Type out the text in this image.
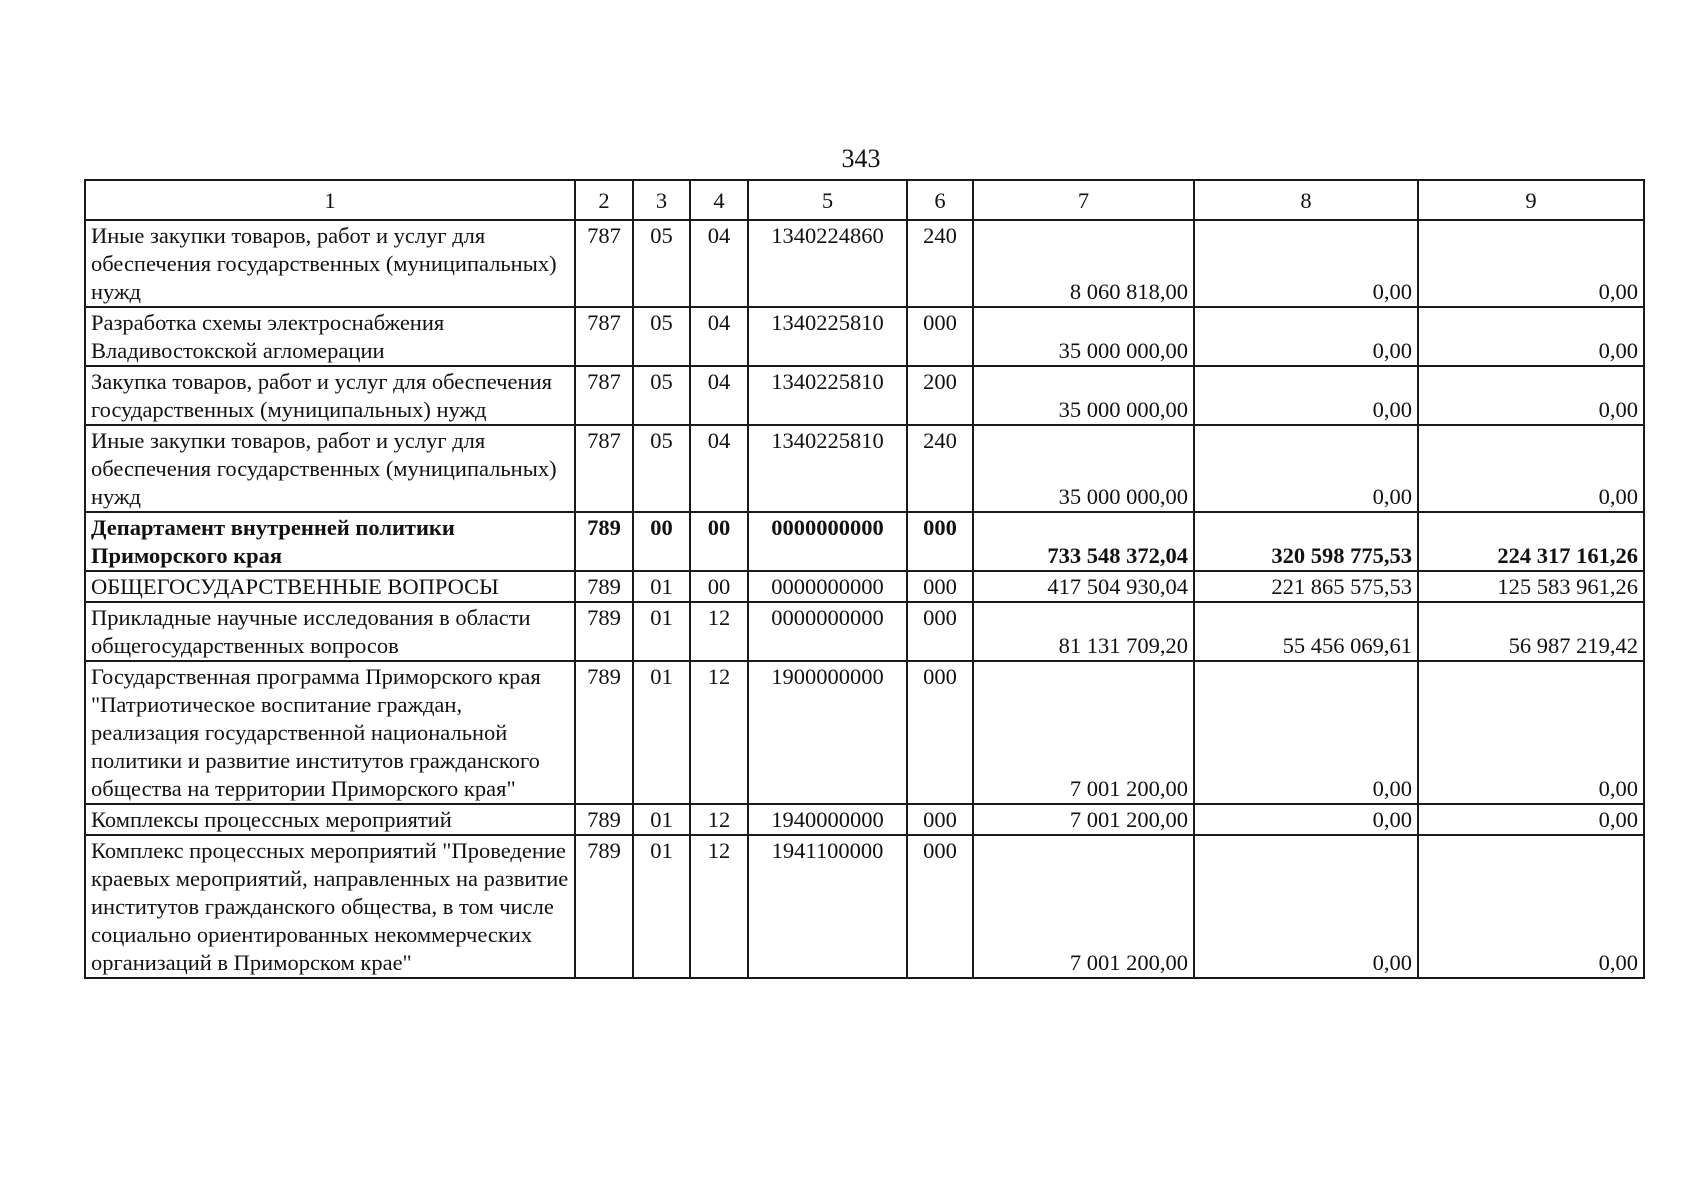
343
1	2	3	4	5	6	7	8	9
Иные закупки товаров, работ и услуг для обеспечения государственных (муниципальных) нужд	787	05	04	1340224860	240	8 060 818,00	0,00	0,00
Разработка схемы электроснабжения Владивостокской агломерации	787	05	04	1340225810	000	35 000 000,00	0,00	0,00
Закупка товаров, работ и услуг для обеспечения государственных (муниципальных) нужд	787	05	04	1340225810	200	35 000 000,00	0,00	0,00
Иные закупки товаров, работ и услуг для обеспечения государственных (муниципальных) нужд	787	05	04	1340225810	240	35 000 000,00	0,00	0,00
Департамент внутренней политики Приморского края	789	00	00	0000000000	000	733 548 372,04	320 598 775,53	224 317 161,26
ОБЩЕГОСУДАРСТВЕННЫЕ ВОПРОСЫ	789	01	00	0000000000	000	417 504 930,04	221 865 575,53	125 583 961,26
Прикладные научные исследования в области общегосударственных вопросов	789	01	12	0000000000	000	81 131 709,20	55 456 069,61	56 987 219,42
Государственная программа Приморского края "Патриотическое воспитание граждан, реализация государственной национальной политики и развитие институтов гражданского общества на территории Приморского края"	789	01	12	1900000000	000	7 001 200,00	0,00	0,00
Комплексы процессных мероприятий	789	01	12	1940000000	000	7 001 200,00	0,00	0,00
Комплекс процессных мероприятий "Проведение краевых мероприятий, направленных на развитие институтов гражданского общества, в том числе социально ориентированных некоммерческих организаций в Приморском крае"	789	01	12	1941100000	000	7 001 200,00	0,00	0,00
